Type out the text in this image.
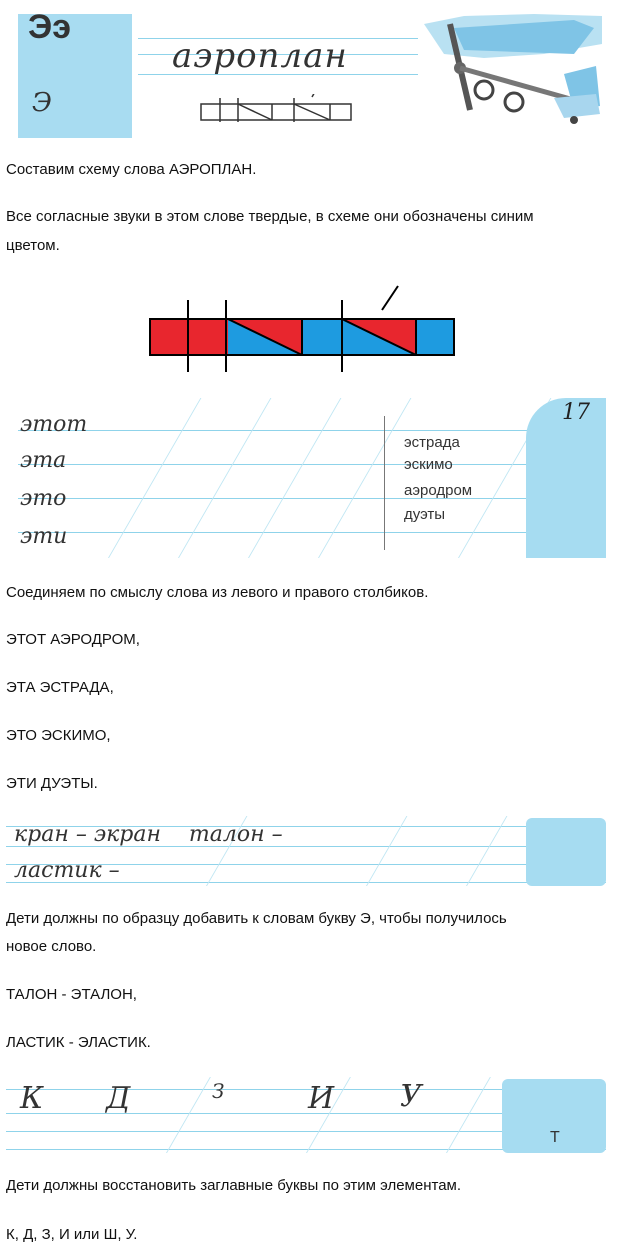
Ээ
Э
аэроплан
Составим схему слова АЭРОПЛАН.
Все согласные звуки в этом слове твердые, в схеме они обозначены синим
цветом.
этот
эта
это
эти
эстрада
эскимо
аэродром
дуэты
17
Соединяем по смыслу слова из левого и правого столбиков.
ЭТОТ АЭРОДРОМ,
ЭТА ЭСТРАДА,
ЭТО ЭСКИМО,
ЭТИ ДУЭТЫ.
кран – экран    талон –
ластик –
Дети должны по образцу добавить к словам букву Э, чтобы получилось
новое слово.
ТАЛОН - ЭТАЛОН,
ЛАСТИК - ЭЛАСТИК.
К Д	З	И У
Т
Дети должны восстановить заглавные буквы по этим элементам.
К, Д, З, И или Ш, У.
